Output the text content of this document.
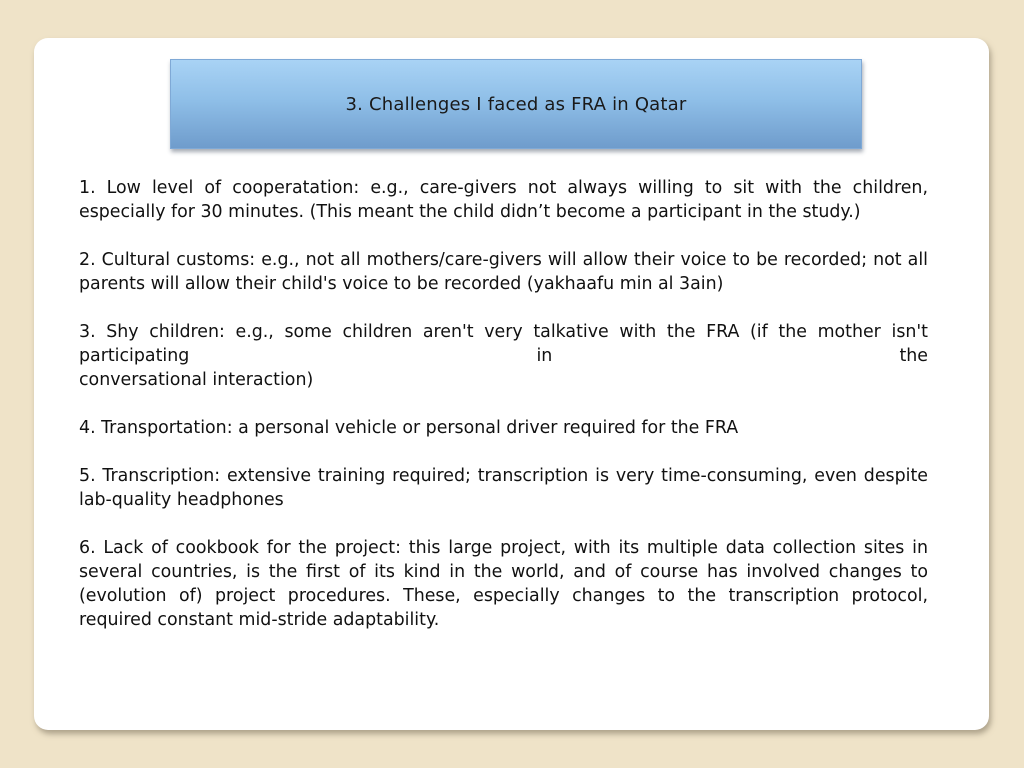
3. Challenges I faced as FRA in Qatar

1. Low level of cooperatation: e.g., care-givers not always willing to sit with the children, especially for 30 minutes. (This meant the child didn’t become a participant in the study.)

2. Cultural customs: e.g., not all mothers/care-givers will allow their voice to be recorded; not all parents will allow their child's voice to be recorded (yakhaafu min al 3ain)

3. Shy children: e.g., some children aren't very talkative with the FRA (if the mother isn't participating in the
conversational interaction)

4. Transportation: a personal vehicle or personal driver required for the FRA

5. Transcription: extensive training required; transcription is very time-consuming, even despite lab-quality headphones

6. Lack of cookbook for the project: this large project, with its multiple data collection sites in several countries, is the first of its kind in the world, and of course has involved changes to (evolution of) project procedures. These, especially changes to the transcription protocol, required constant mid-stride adaptability.
